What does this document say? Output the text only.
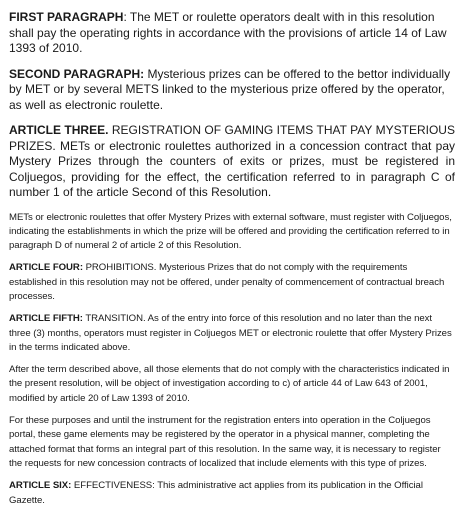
FIRST PARAGRAPH: The MET or roulette operators dealt with in this resolution shall pay the operating rights in accordance with the provisions of article 14 of Law 1393 of 2010.

SECOND PARAGRAPH: Mysterious prizes can be offered to the bettor individually by MET or by several METS linked to the mysterious prize offered by the operator, as well as electronic roulette.

ARTICLE THREE. REGISTRATION OF GAMING ITEMS THAT PAY MYSTERIOUS PRIZES. METs or electronic roulettes authorized in a concession contract that pay Mystery Prizes through the counters of exits or prizes, must be registered in Coljuegos, providing for the effect, the certification referred to in paragraph C of number 1 of the article Second of this Resolution.

METs or electronic roulettes that offer Mystery Prizes with external software, must register with Coljuegos, indicating the establishments in which the prize will be offered and providing the certification referred to in paragraph D of numeral 2 of article 2 of this Resolution.

ARTICLE FOUR: PROHIBITIONS. Mysterious Prizes that do not comply with the requirements established in this resolution may not be offered, under penalty of commencement of contractual breach processes.

ARTICLE FIFTH: TRANSITION. As of the entry into force of this resolution and no later than the next three (3) months, operators must register in Coljuegos MET or electronic roulette that offer Mystery Prizes in the terms indicated above.

After the term described above, all those elements that do not comply with the characteristics indicated in the present resolution, will be object of investigation according to c) of article 44 of Law 643 of 2001, modified by article 20 of Law 1393 of 2010.

For these purposes and until the instrument for the registration enters into operation in the Coljuegos portal, these game elements may be registered by the operator in a physical manner, completing the attached format that forms an integral part of this resolution. In the same way, it is necessary to register the requests for new concession contracts of localized that include elements with this type of prizes.

ARTICLE SIX: EFFECTIVENESS: This administrative act applies from its publication in the Official Gazette.
